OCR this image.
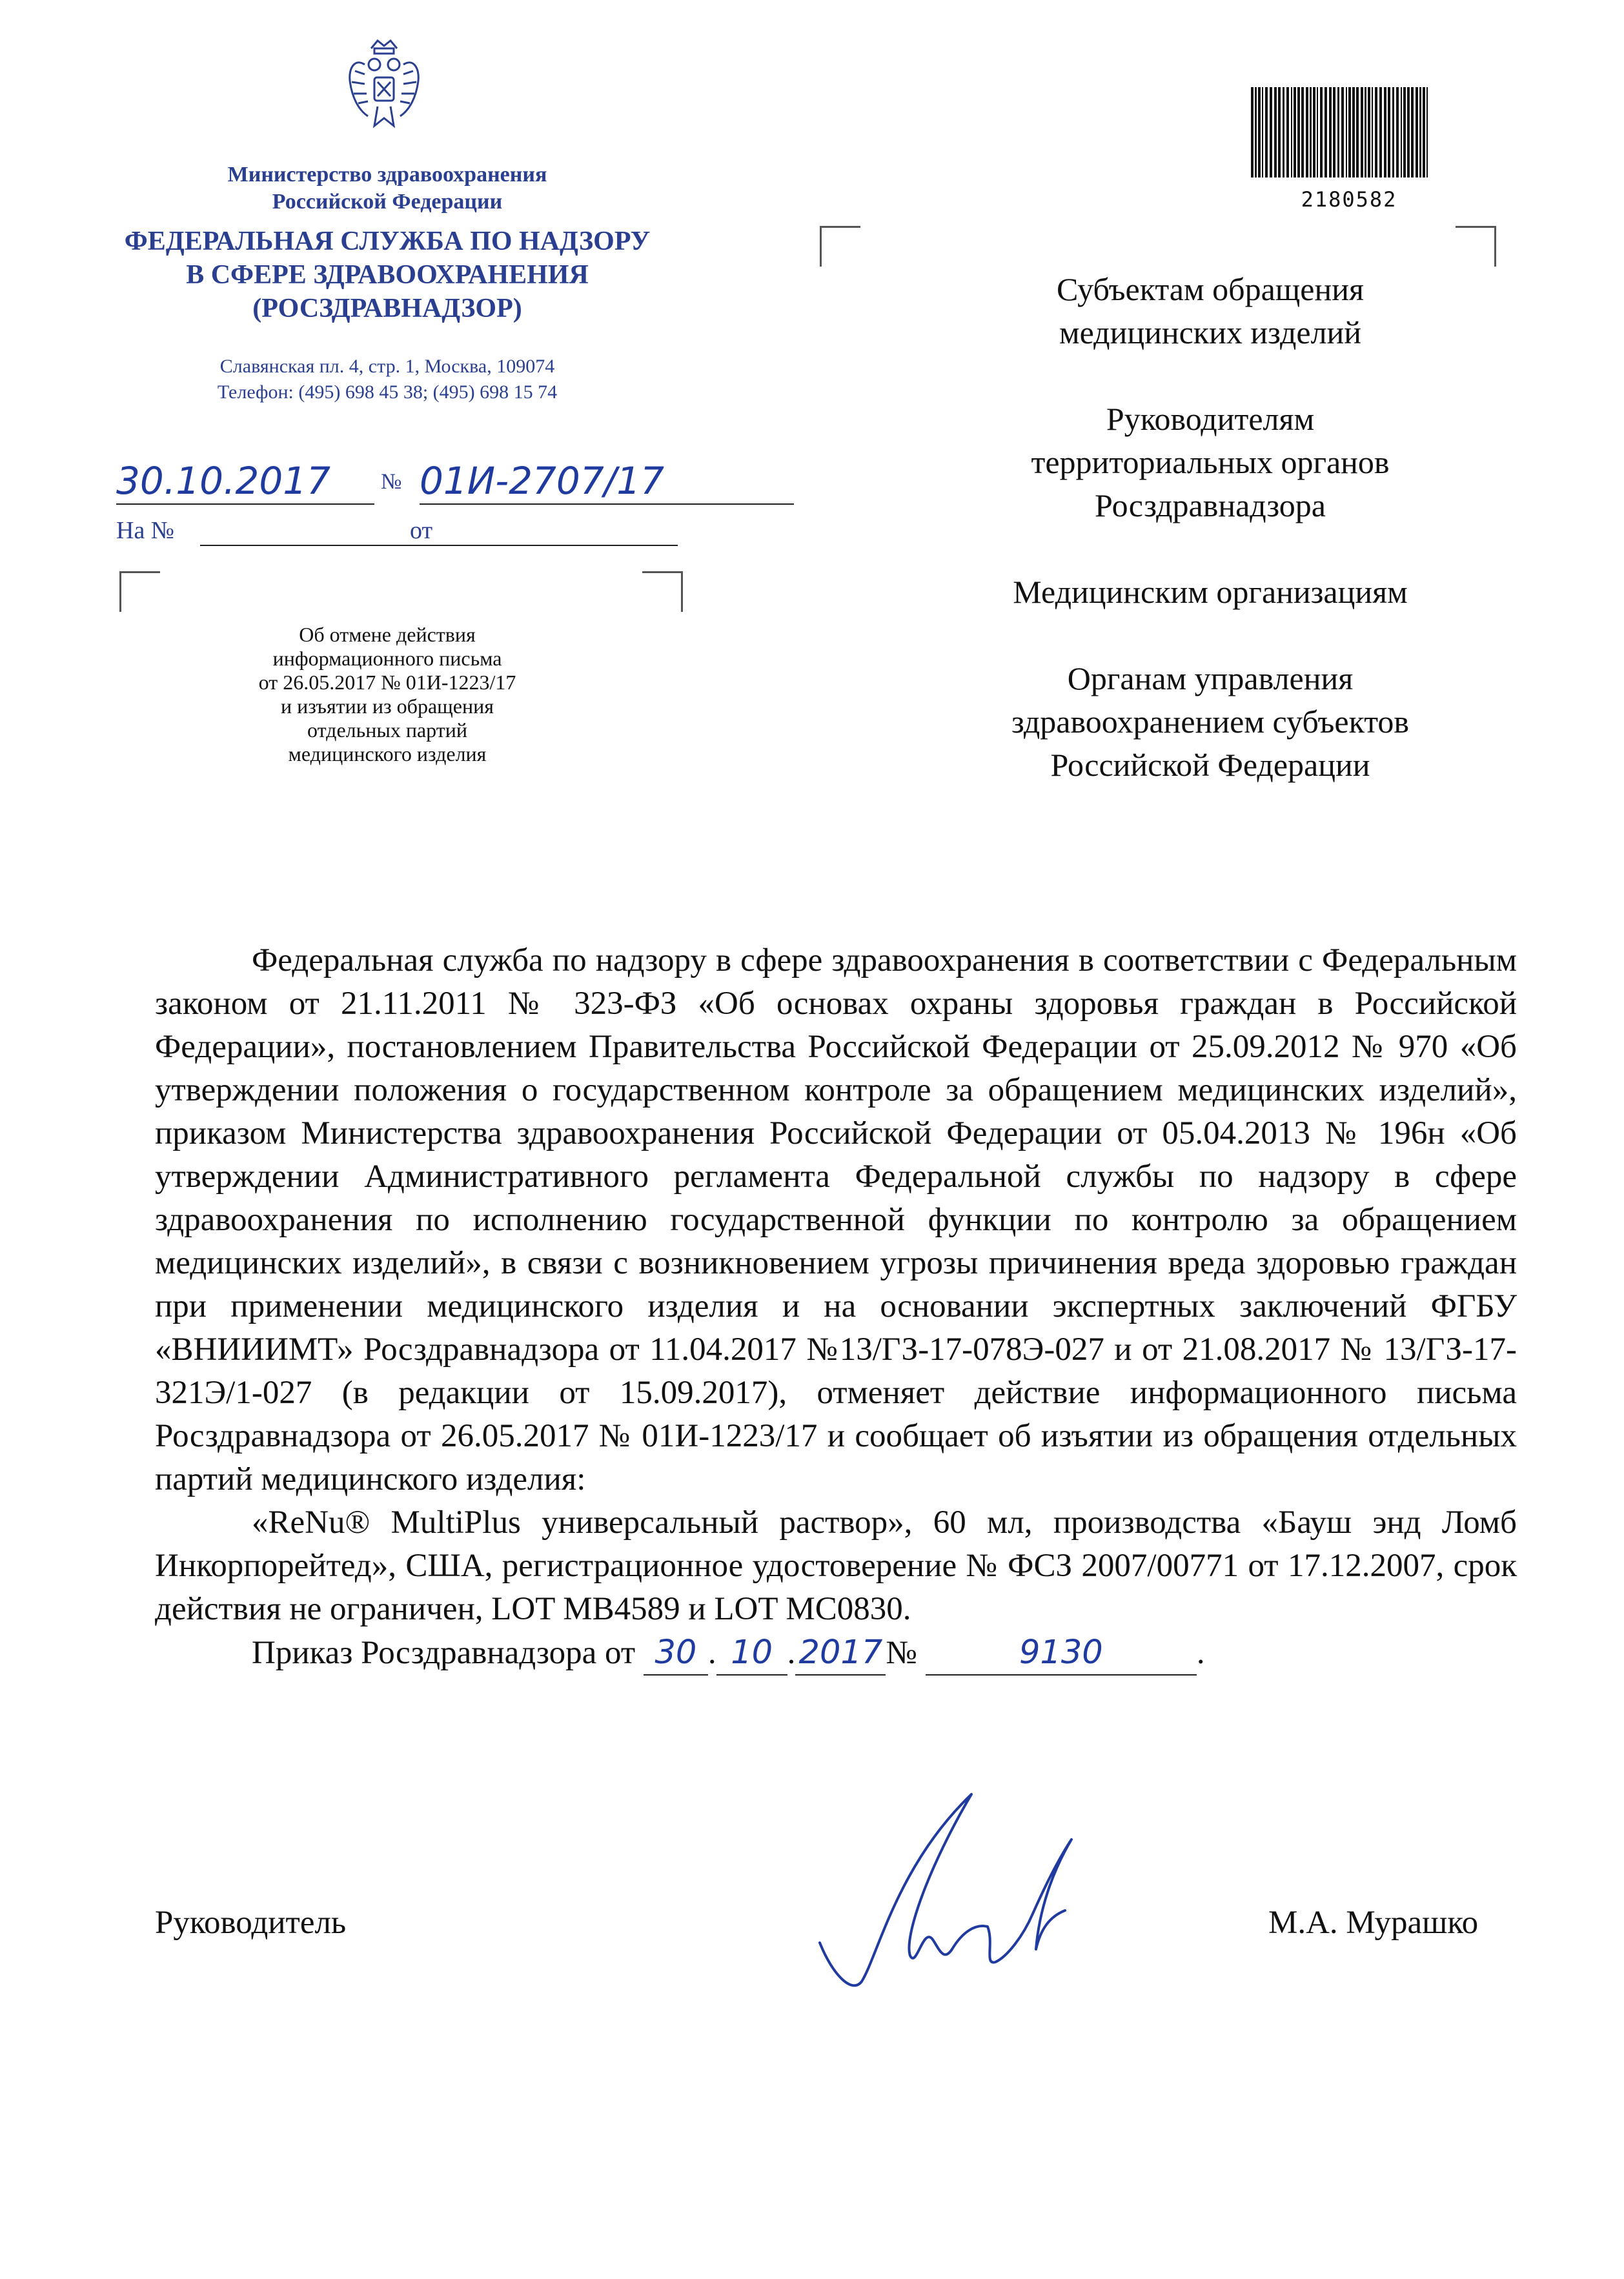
Министерство здравоохранения
Российской Федерации
ФЕДЕРАЛЬНАЯ СЛУЖБА ПО НАДЗОРУ
В СФЕРЕ ЗДРАВООХРАНЕНИЯ
(РОСЗДРАВНАДЗОР)
Славянская пл. 4, стр. 1, Москва, 109074
Телефон: (495) 698 45 38; (495) 698 15 74
30.10.2017	№ 01И-2707/17
На №	от
Об отмене действия
информационного письма
от 26.05.2017 № 01И-1223/17
и изъятии из обращения
отдельных партий
медицинского изделия
2180582
Субъектам обращения
медицинских изделий
Руководителям
территориальных органов
Росздравнадзора
Медицинским организациям
Органам управления
здравоохранением субъектов
Российской Федерации

Федеральная служба по надзору в сфере здравоохранения в соответствии с Федеральным законом от 21.11.2011 № 323-ФЗ «Об основах охраны здоровья граждан в Российской Федерации», постановлением Правительства Российской Федерации от 25.09.2012 № 970 «Об утверждении положения о государственном контроле за обращением медицинских изделий», приказом Министерства здравоохранения Российской Федерации от 05.04.2013 № 196н «Об утверждении Административного регламента Федеральной службы по надзору в сфере здравоохранения по исполнению государственной функции по контролю за обращением медицинских изделий», в связи с возникновением угрозы причинения вреда здоровью граждан при применении медицинского изделия и на основании экспертных заключений ФГБУ «ВНИИИМТ» Росздравнадзора от 11.04.2017 №13/ГЗ-17-078Э-027 и от 21.08.2017 № 13/ГЗ-17-321Э/1-027 (в редакции от 15.09.2017), отменяет действие информационного письма Росздравнадзора от 26.05.2017 № 01И-1223/17 и сообщает об изъятии из обращения отдельных партий медицинского изделия:

«ReNu® MultiPlus универсальный раствор», 60 мл, производства «Бауш энд Ломб Инкорпорейтед», США, регистрационное удостоверение № ФСЗ 2007/00771 от 17.12.2007, срок действия не ограничен, LOT MB4589 и LOT MC0830.

Приказ Росздравнадзора от 30 . 10 .2017 №	9130	.

Руководитель	М.А. Мурашко
